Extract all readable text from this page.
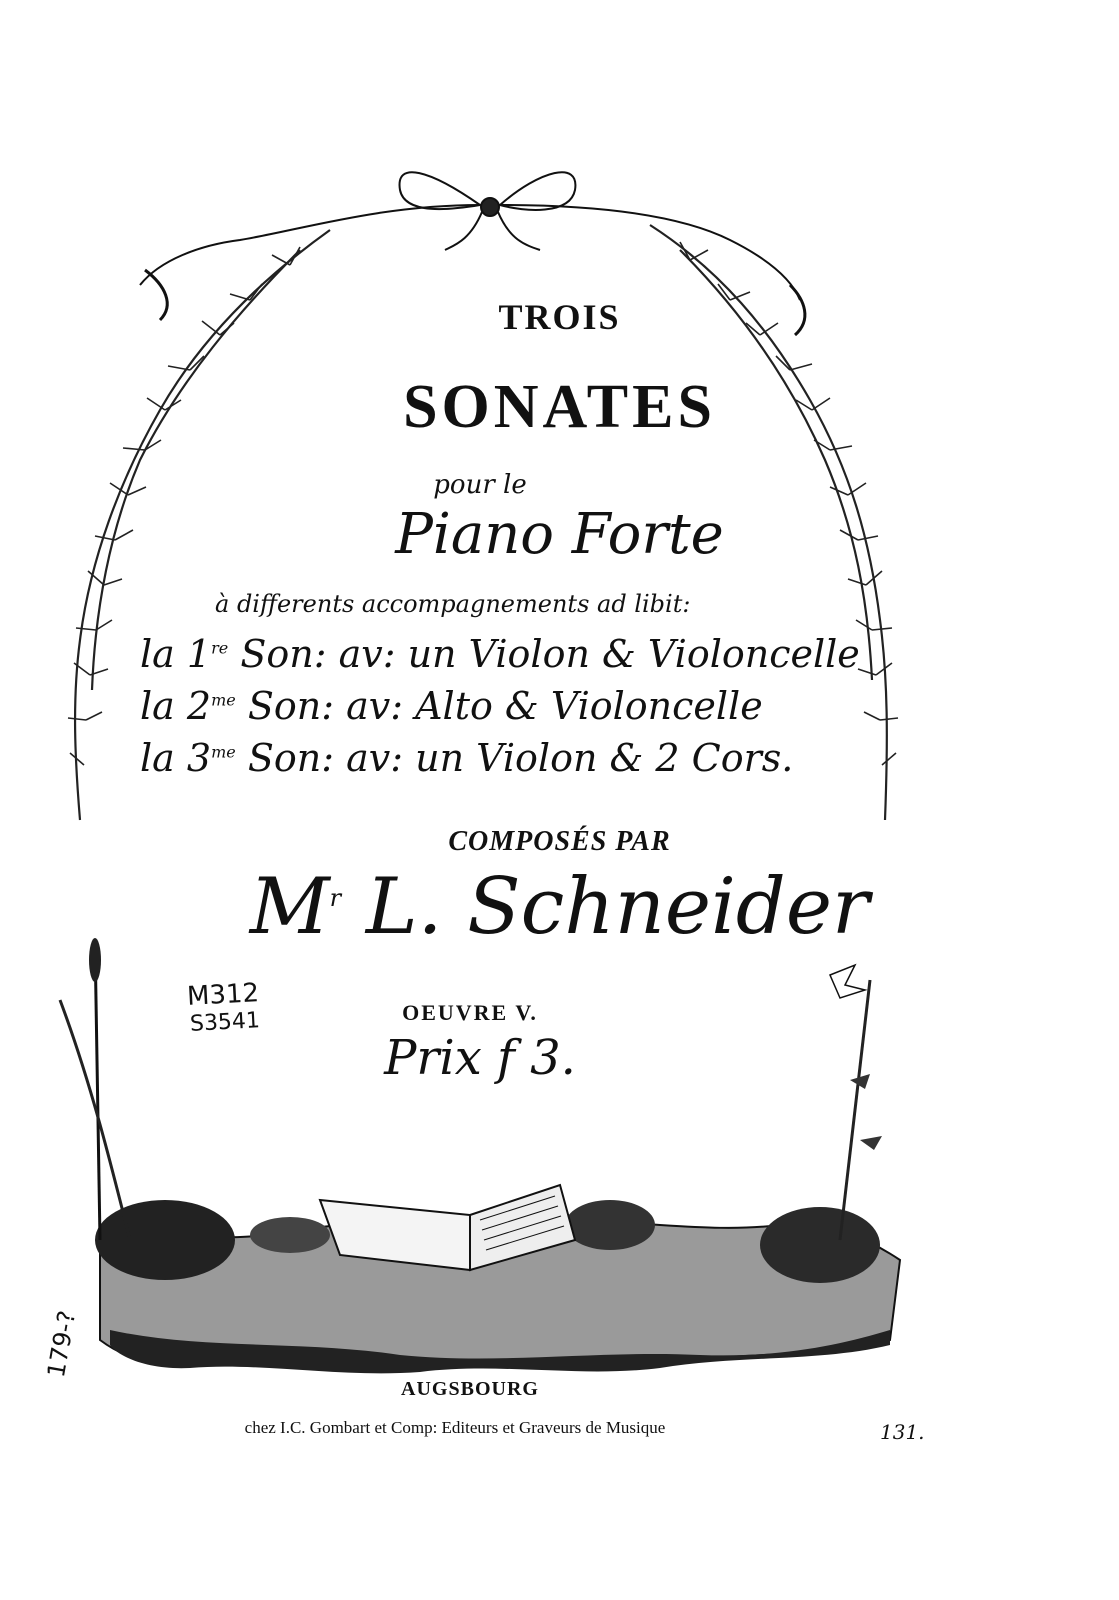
TROIS
SONATES
pour le
Piano Forte
à differents accompagnements ad libit:
la 1re Son: av: un Violon & Violoncelle
la $2^{me}$ Son: av: Alto & Violoncelle
la $3^{me}$ Son: av: un Violon & 2 Cors.
COMPOSÉS PAR
$M^r$ L. Schneider
OEUVRE V.
Prix f 3.
M312
S3541
179-?
AUGSBOURG
chez I.C. Gombart et Comp: Editeurs et Graveurs de Musique	131.
